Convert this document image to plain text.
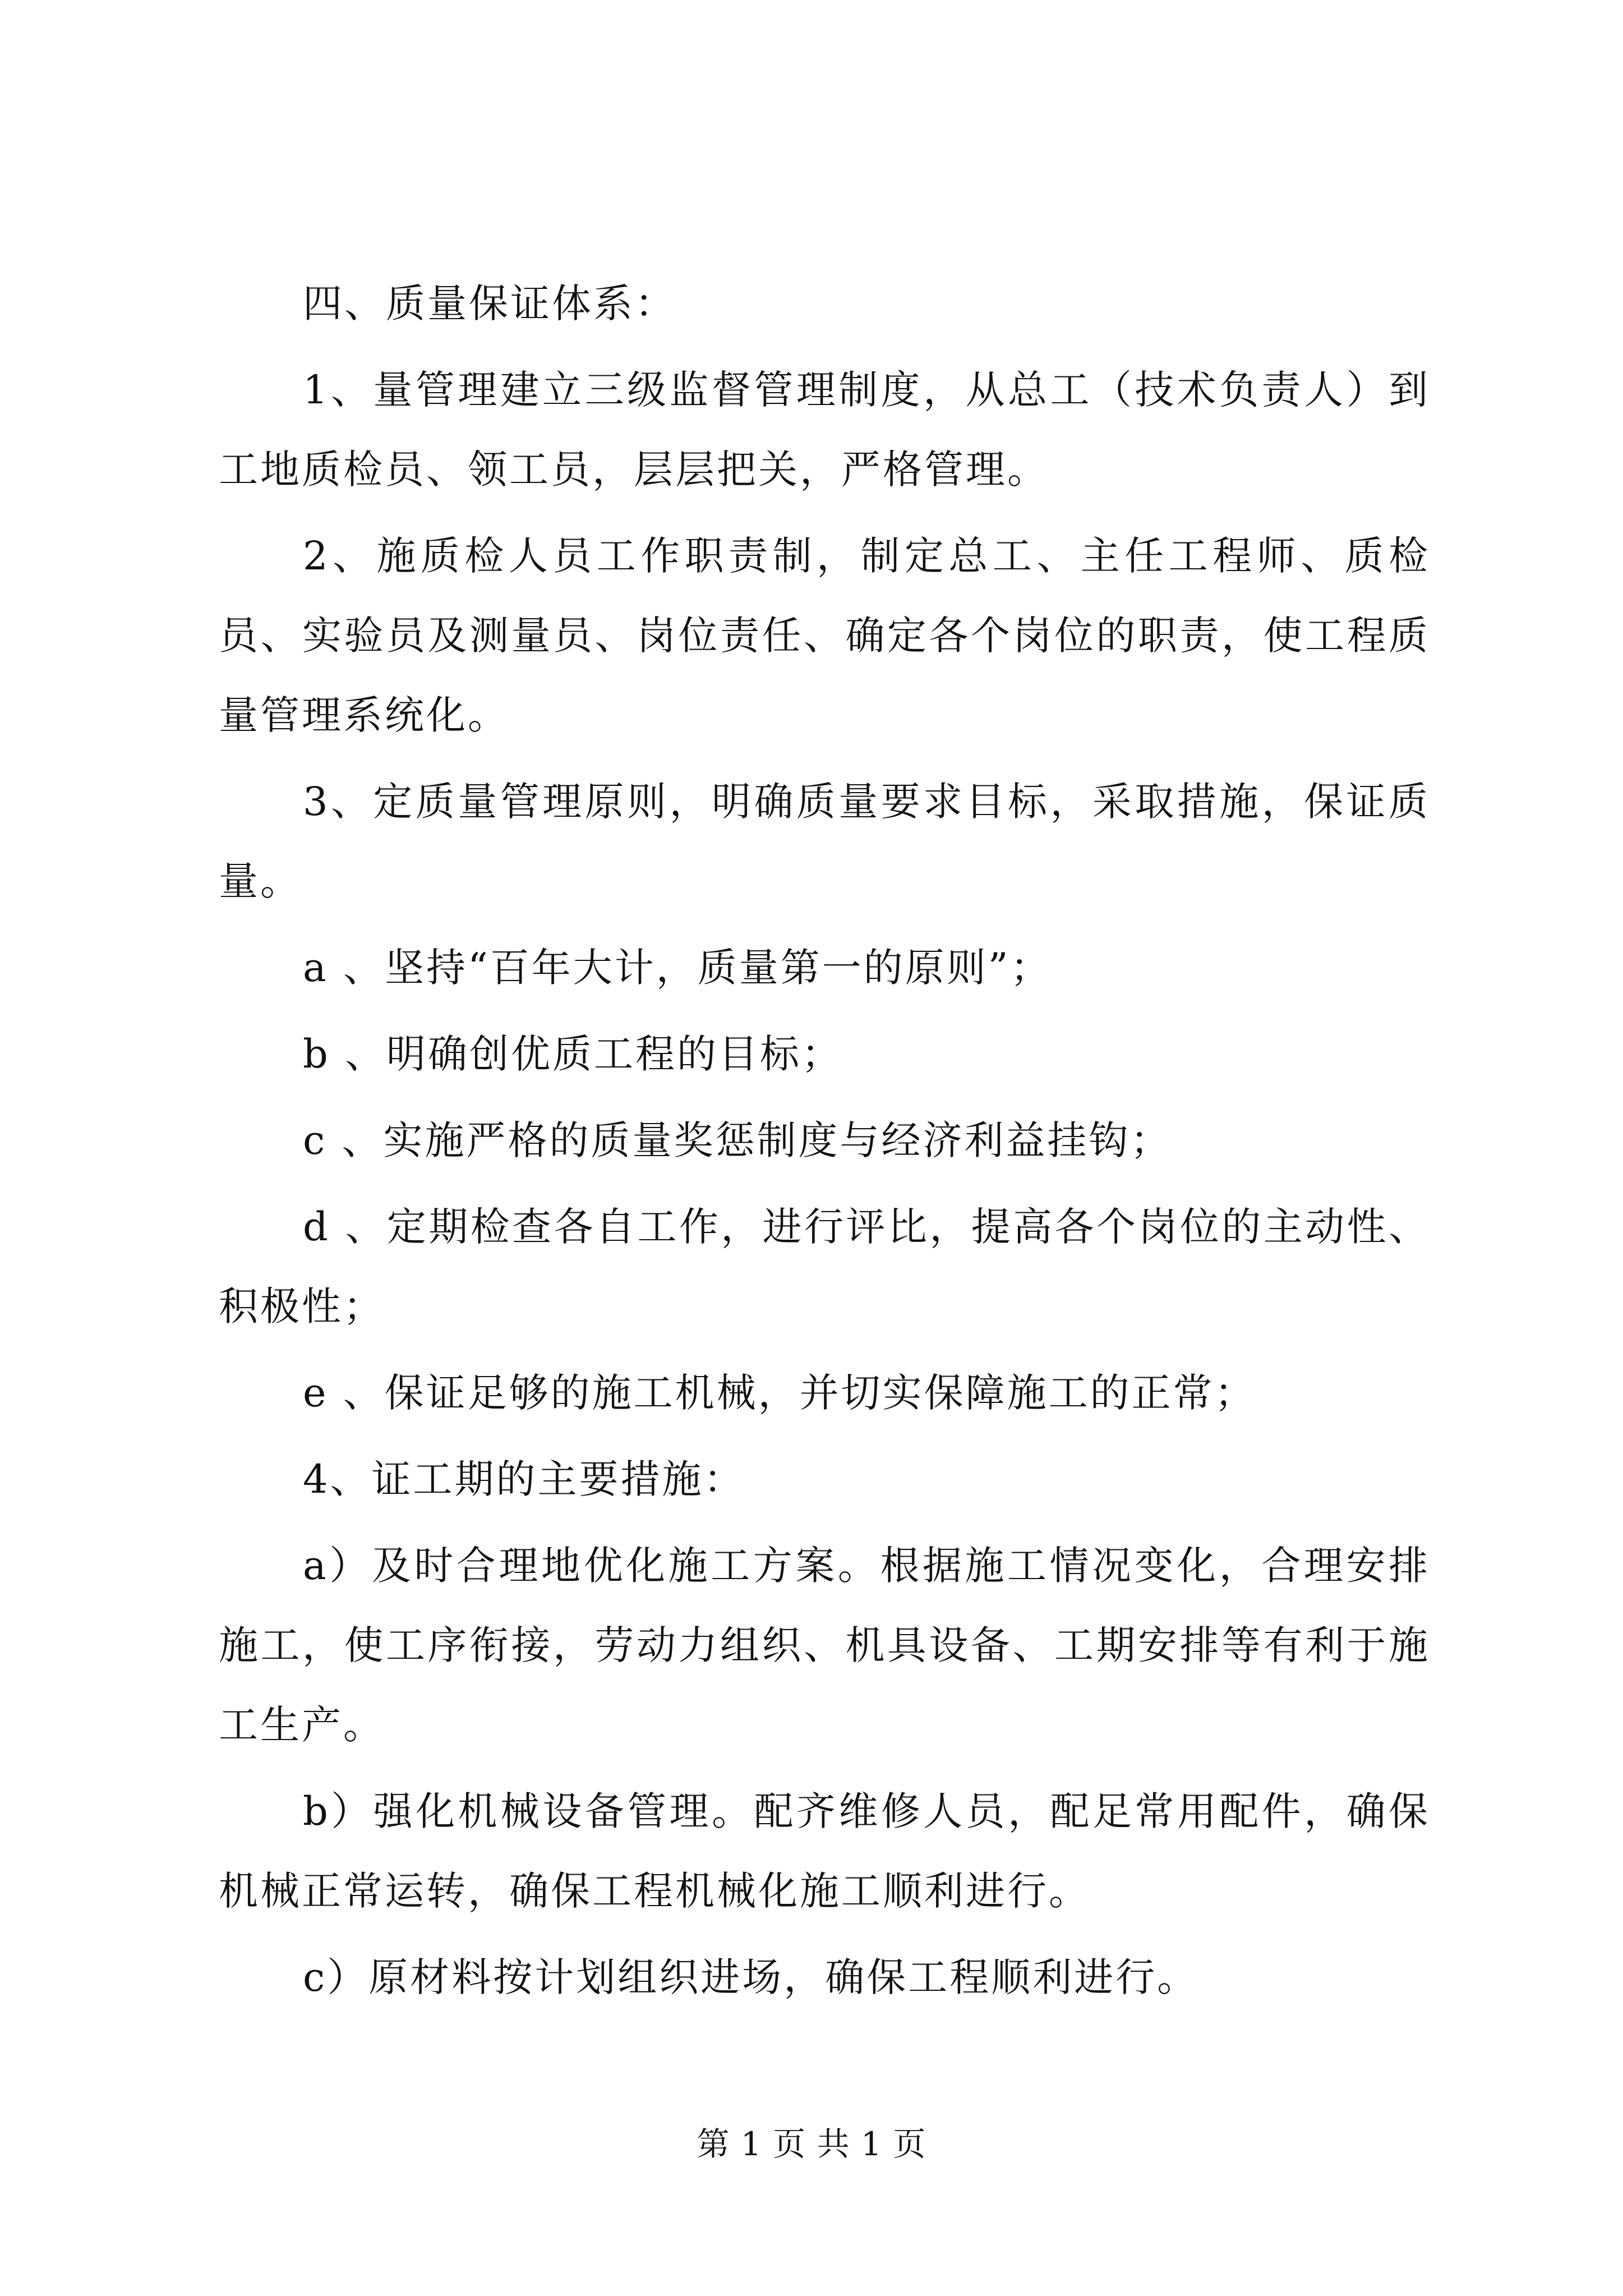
四、质量保证体系：

1、量管理建立三级监督管理制度，从总工（技术负责人）到工地质检员、领工员，层层把关，严格管理。

2、施质检人员工作职责制，制定总工、主任工程师、质检员、实验员及测量员、岗位责任、确定各个岗位的职责，使工程质量管理系统化。

3、定质量管理原则，明确质量要求目标，采取措施，保证质量。

a 、坚持“百年大计，质量第一的原则”；

b 、明确创优质工程的目标；

c 、实施严格的质量奖惩制度与经济利益挂钩；

d 、定期检查各自工作，进行评比，提高各个岗位的主动性、积极性；

e 、保证足够的施工机械，并切实保障施工的正常；

4、证工期的主要措施：

a）及时合理地优化施工方案。根据施工情况变化，合理安排施工，使工序衔接，劳动力组织、机具设备、工期安排等有利于施工生产。

b）强化机械设备管理。配齐维修人员，配足常用配件，确保机械正常运转，确保工程机械化施工顺利进行。

c）原材料按计划组织进场，确保工程顺利进行。

第 1 页 共 1 页
